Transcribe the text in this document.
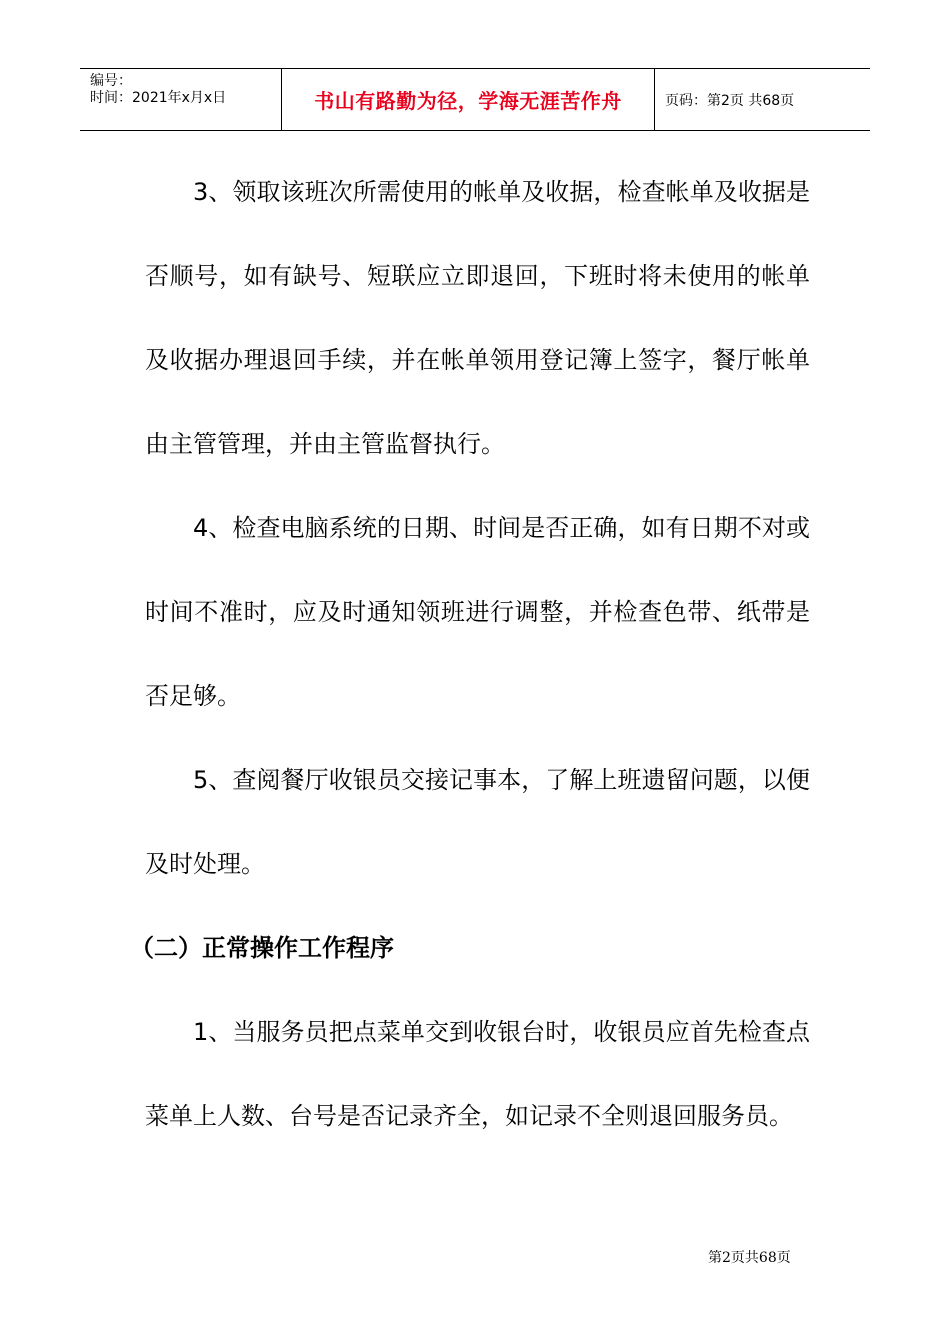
编号：
时间：2021年x月x日	书山有路勤为径，学海无涯苦作舟	页码：第2页 共68页

3、领取该班次所需使用的帐单及收据，检查帐单及收据是否顺号，如有缺号、短联应立即退回，下班时将未使用的帐单及收据办理退回手续，并在帐单领用登记簿上签字，餐厅帐单由主管管理，并由主管监督执行。

4、检查电脑系统的日期、时间是否正确，如有日期不对或时间不准时，应及时通知领班进行调整，并检查色带、纸带是否足够。

5、查阅餐厅收银员交接记事本，了解上班遗留问题，以便及时处理。

（二）正常操作工作程序

1、当服务员把点菜单交到收银台时，收银员应首先检查点菜单上人数、台号是否记录齐全，如记录不全则退回服务员。

第2页共68页
